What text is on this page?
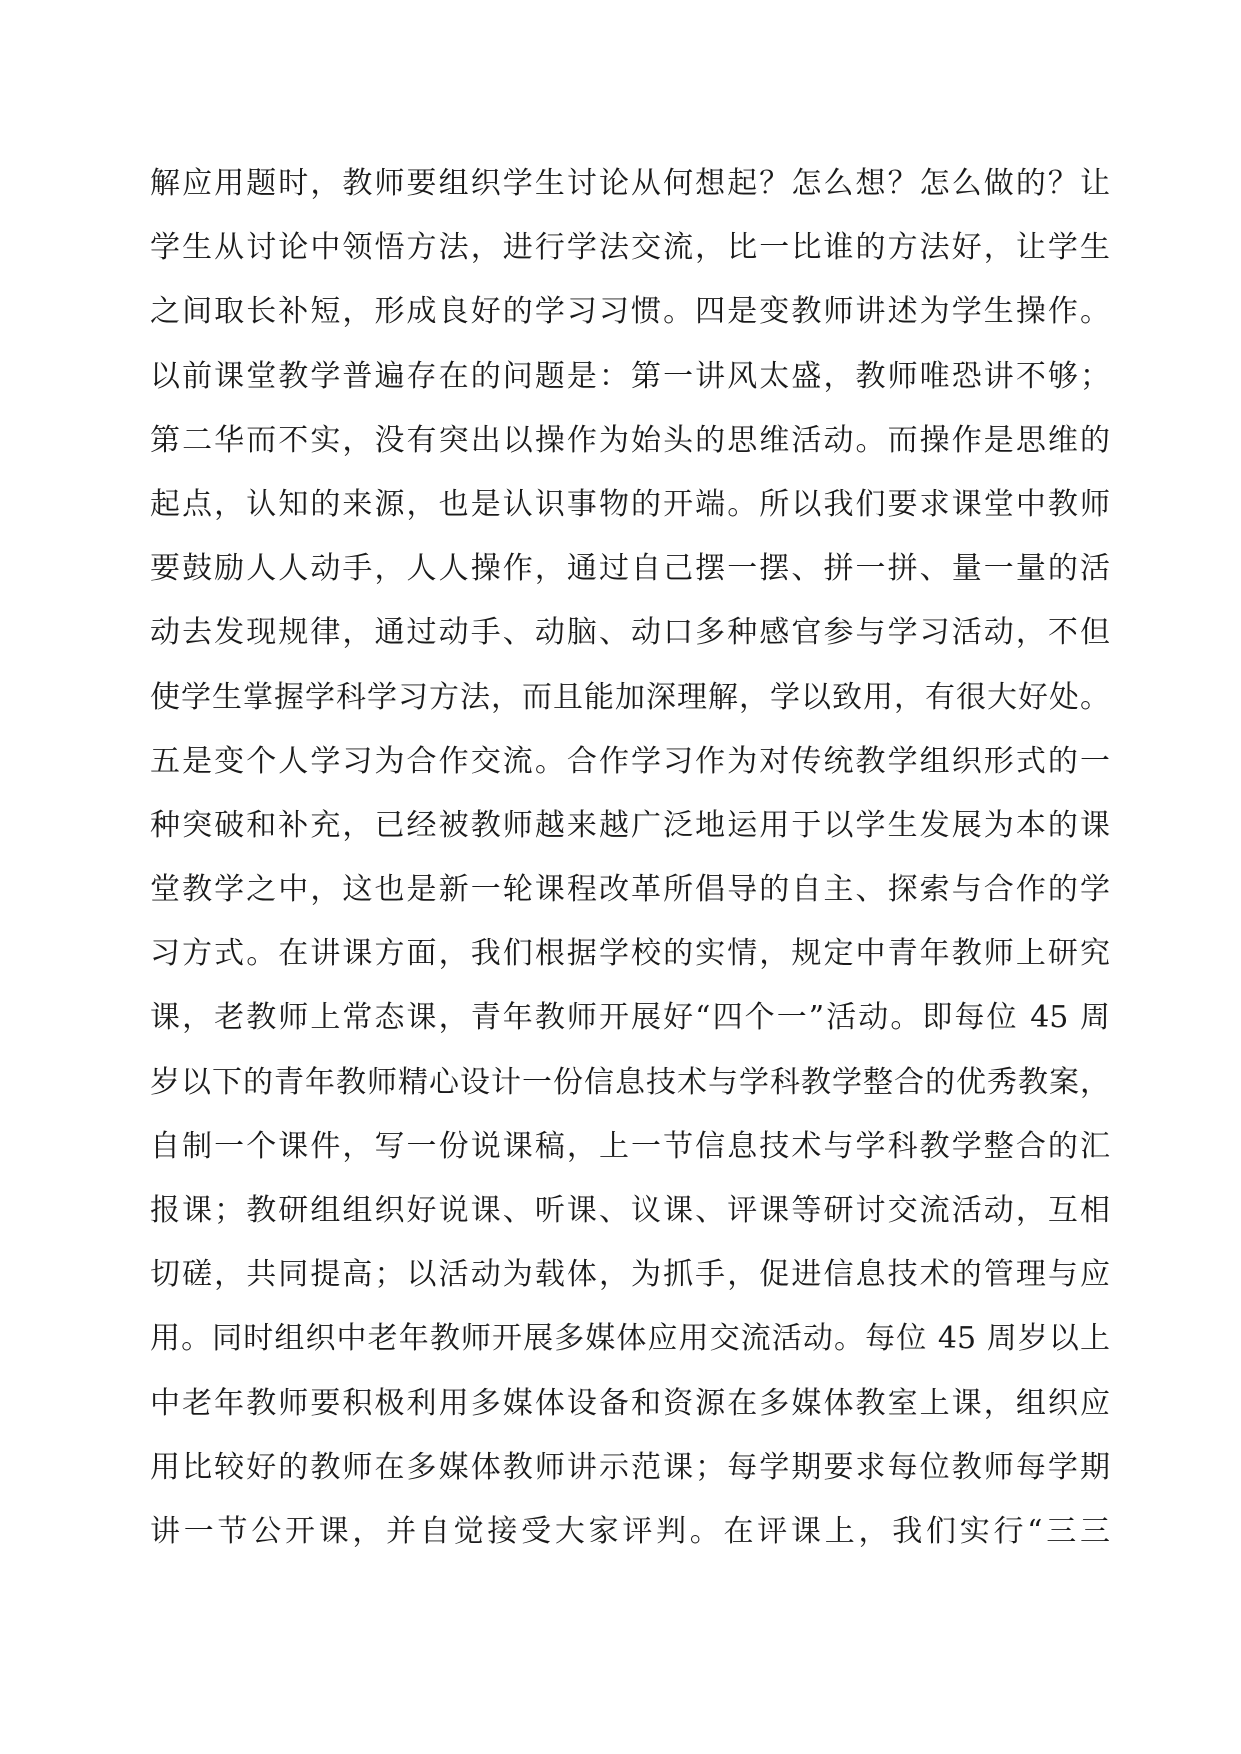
解应用题时，教师要组织学生讨论从何想起？怎么想？怎么做的？让
学生从讨论中领悟方法，进行学法交流，比一比谁的方法好，让学生
之间取长补短，形成良好的学习习惯。四是变教师讲述为学生操作。
以前课堂教学普遍存在的问题是：第一讲风太盛，教师唯恐讲不够；
第二华而不实，没有突出以操作为始头的思维活动。而操作是思维的
起点，认知的来源，也是认识事物的开端。所以我们要求课堂中教师
要鼓励人人动手，人人操作，通过自己摆一摆、拼一拼、量一量的活
动去发现规律，通过动手、动脑、动口多种感官参与学习活动，不但
使学生掌握学科学习方法，而且能加深理解，学以致用，有很大好处。
五是变个人学习为合作交流。合作学习作为对传统教学组织形式的一
种突破和补充，已经被教师越来越广泛地运用于以学生发展为本的课
堂教学之中，这也是新一轮课程改革所倡导的自主、探索与合作的学
习方式。在讲课方面，我们根据学校的实情，规定中青年教师上研究
课，老教师上常态课，青年教师开展好“四个一”活动。即每位 45 周
岁以下的青年教师精心设计一份信息技术与学科教学整合的优秀教案，
自制一个课件，写一份说课稿，上一节信息技术与学科教学整合的汇
报课；教研组组织好说课、听课、议课、评课等研讨交流活动，互相
切磋，共同提高；以活动为载体，为抓手，促进信息技术的管理与应
用。同时组织中老年教师开展多媒体应用交流活动。每位 45 周岁以上
中老年教师要积极利用多媒体设备和资源在多媒体教室上课，组织应
用比较好的教师在多媒体教师讲示范课；每学期要求每位教师每学期
讲一节公开课，并自觉接受大家评判。在评课上，我们实行“三三
